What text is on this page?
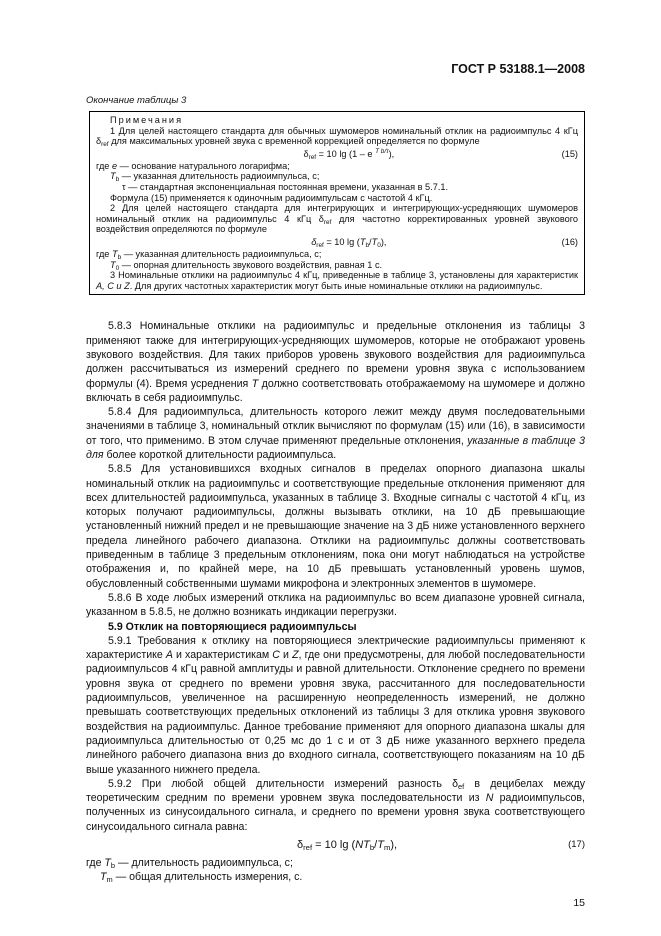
ГОСТ Р 53188.1—2008
Окончание таблицы 3

Примечания

1 Для целей настоящего стандарта для обычных шумомеров номинальный отклик на радиоимпульс 4 кГц $\delta_{ref}$ для максимальных уровней звука с временной коррекцией определяется по формуле

$\delta_{ref} = 10$ lg (1 – e $^{T b/\tau}$),	(15)

где e — основание натурального логарифма;

$T_b$ — указанная длительность радиоимпульса, с;

τ — стандартная экспоненциальная постоянная времени, указанная в 5.7.1.

Формула (15) применяется к одиночным радиоимпульсам с частотой 4 кГц.

2 Для целей настоящего стандарта для интегрирующих и интегрирующих-усредняющих шумомеров номинальный отклик на радиоимпульс 4 кГц $\delta_{ref}$ для частотно корректированных уровней звукового воздействия определяются по формуле

$\delta_{ref} = 10$ $\lg (T_b/T_0)$,	(16)

где $T_b$ — указанная длительность радиоимпульса, с;

$T_0$ — опорная длительность звукового воздействия, равная 1 с.

3 Номинальные отклики на радиоимпульс 4 кГц, приведенные в таблице 3, установлены для характеристик A, C и Z. Для других частотных характеристик могут быть иные номинальные отклики на радиоимпульс.

5.8.3 Номинальные отклики на радиоимпульс и предельные отклонения из таблицы 3 применяют также для интегрирующих-усредняющих шумомеров, которые не отображают уровень звукового воздействия. Для таких приборов уровень звукового воздействия для радиоимпульса должен рассчитываться из измерений среднего по времени уровня звука с использованием формулы (4). Время усреднения T должно соответствовать отображаемому на шумомере и должно включать в себя радиоимпульс.

5.8.4 Для радиоимпульса, длительность которого лежит между двумя последовательными значениями в таблице 3, номинальный отклик вычисляют по формулам (15) или (16), в зависимости от того, что применимо. В этом случае применяют предельные отклонения, указанные в таблице 3 для более короткой длительности радиоимпульса.

5.8.5 Для установившихся входных сигналов в пределах опорного диапазона шкалы номинальный отклик на радиоимпульс и соответствующие предельные отклонения применяют для всех длительностей радиоимпульса, указанных в таблице 3. Входные сигналы с частотой 4 кГц, из которых получают радиоимпульсы, должны вызывать отклики, на 10 дБ превышающие установленный нижний предел и не превышающие значение на 3 дБ ниже установленного верхнего предела линейного рабочего диапазона. Отклики на радиоимпульс должны соответствовать приведенным в таблице 3 предельным отклонениям, пока они могут наблюдаться на устройстве отображения и, по крайней мере, на 10 дБ превышать установленный уровень шумов, обусловленный собственными шумами микрофона и электронных элементов в шумомере.

5.8.6 В ходе любых измерений отклика на радиоимпульс во всем диапазоне уровней сигнала, указанном в 5.8.5, не должно возникать индикации перегрузки.

5.9 Отклик на повторяющиеся радиоимпульсы

5.9.1 Требования к отклику на повторяющиеся электрические радиоимпульсы применяют к характеристике A и характеристикам C и Z, где они предусмотрены, для любой последовательности радиоимпульсов 4 кГц равной амплитуды и равной длительности. Отклонение среднего по времени уровня звука от среднего по времени уровня звука, рассчитанного для последовательности радиоимпульсов, увеличенное на расширенную неопределенность измерений, не должно превышать соответствующих предельных отклонений из таблицы 3 для отклика уровня звукового воздействия на радиоимпульс. Данное требование применяют для опорного диапазона шкалы для радиоимпульса длительностью от 0,25 мс до 1 с и от 3 дБ ниже указанного верхнего предела линейного рабочего диапазона вниз до входного сигнала, соответствующего показаниям на 10 дБ выше указанного нижнего предела.

5.9.2 При любой общей длительности измерений разность $\delta_{ef}$ в децибелах между теоретическим средним по времени уровнем звука последовательности из N радиоимпульсов, полученных из синусоидального сигнала, и среднего по времени уровня звука соответствующего синусоидального сигнала равна:

$\delta_{ref} = 10$ $\lg (NT_b/T_m)$,	(17)

где $T_b$ — длительность радиоимпульса, с;

$T_m$ — общая длительность измерения, с.

15
